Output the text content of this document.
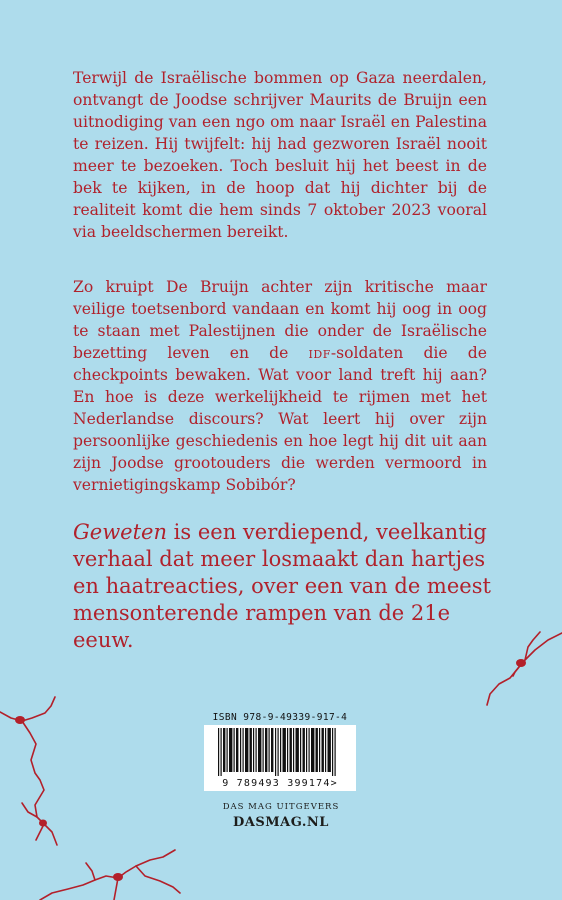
Terwijl de Israëlische bommen op Gaza neerdalen, ontvangt de Joodse schrijver Maurits de Bruijn een uitnodiging van een ngo om naar Israël en Palestina te reizen. Hij twijfelt: hij had gezworen Israël nooit meer te bezoeken. Toch besluit hij het beest in de bek te kijken, in de hoop dat hij dichter bij de realiteit komt die hem sinds 7 oktober 2023 vooral via beeldschermen bereikt.

Zo kruipt De Bruijn achter zijn kritische maar veilige toetsenbord vandaan en komt hij oog in oog te staan met Palestijnen die onder de Israëlische bezetting leven en de idf-soldaten die de checkpoints bewaken. Wat voor land treft hij aan? En hoe is deze werkelijkheid te rijmen met het Nederlandse discours? Wat leert hij over zijn persoonlijke geschiedenis en hoe legt hij dit uit aan zijn Joodse grootouders die werden vermoord in vernietigingskamp Sobibór?

Geweten is een verdiepend, veelkantig verhaal dat meer losmaakt dan hartjes en haatreacties, over een van de meest mensonterende rampen van de 21e eeuw.

ISBN 978-9-49339-917-4
9 789493 399174>
DAS MAG UITGEVERS
DASMAG.NL
